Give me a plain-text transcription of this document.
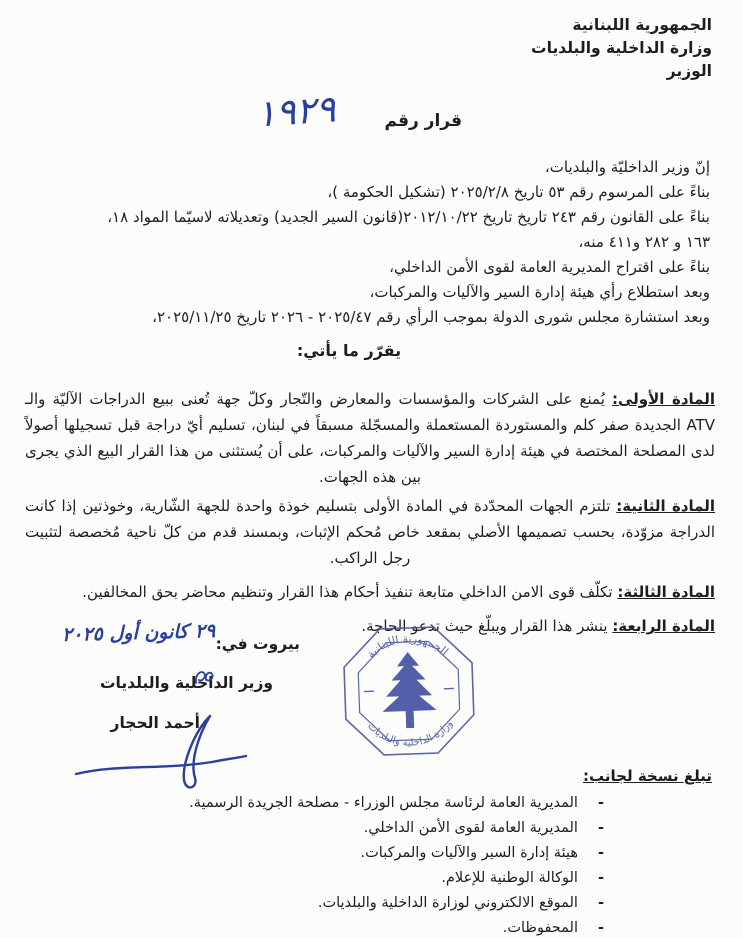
الجمهورية اللبنانية
وزارة الداخلية والبلديات
الوزير
قرار رقم
١٩٢٩
إنّ وزير الداخليّة والبلديات،
بناءً على المرسوم رقم ٥٣ تاريخ ٢٠٢٥/٢/٨ (تشكيل الحكومة )،
بناءً على القانون رقم ٢٤٣ تاريخ تاريخ ٢٠١٢/١٠/٢٢(قانون السير الجديد) وتعديلاته لاسيّما المواد ١٨،
١٦٣ و ٢٨٢ و٤١١ منه،
بناءً على اقتراح المديرية العامة لقوى الأمن الداخلي،
وبعد استطلاع رأي هيئة إدارة السير والآليات والمركبات،
وبعد استشارة مجلس شورى الدولة بموجب الرأي رقم ٢٠٢٥/٤٧ - ٢٠٢٦ تاريخ ٢٠٢٥/١١/٢٥،
يقرّر ما يأتي:

المادة الأولى: يُمنع على الشركات والمؤسسات والمعارض والتّجار وكلّ جهة تُعنى ببيع الدراجات الآليّة والـ ATV الجديدة صفر كلم والمستوردة المستعملة والمسجّلة مسبقاً في لبنان، تسليم أيّ دراجة قبل تسجيلها أصولاً لدى المصلحة المختصة في هيئة إدارة السير والآليات والمركبات، على أن يُستثنى من هذا القرار البيع الذي يجرى بين هذه الجهات.

المادة الثانية: تلتزم الجهات المحدّدة في المادة الأولى بتسليم خوذة واحدة للجهة الشّارية، وخوذتين إذا كانت الدراجة مزوّدة، بحسب تصميمها الأصلي بمقعد خاص مُحكم الإثبات، وبمسند قدم من كلّ ناحية مُخصصة لتثبيت رجل الراكب.

المادة الثالثة: تكلّف قوى الامن الداخلي متابعة تنفيذ أحكام هذا القرار وتنظيم محاضر بحق المخالفين.

المادة الرابعة: ينشر هذا القرار ويبلّغ حيث تدعو الحاجة.

بيروت في:
٢٩ كانون أول ٢٠٢٥
وزير الداخلية والبلديات
أحمد الحجار
الجمهورية اللبنانية
وزارة الداخلية والبلديات
تبلغ نسخة لجانب:
-المديرية العامة لرئاسة مجلس الوزراء - مصلحة الجريدة الرسمية.
-المديرية العامة لقوى الأمن الداخلي.
-هيئة إدارة السير والآليات والمركبات.
-الوكالة الوطنية للإعلام.
-الموقع الالكتروني لوزارة الداخلية والبلديات.
-المحفوظات.
